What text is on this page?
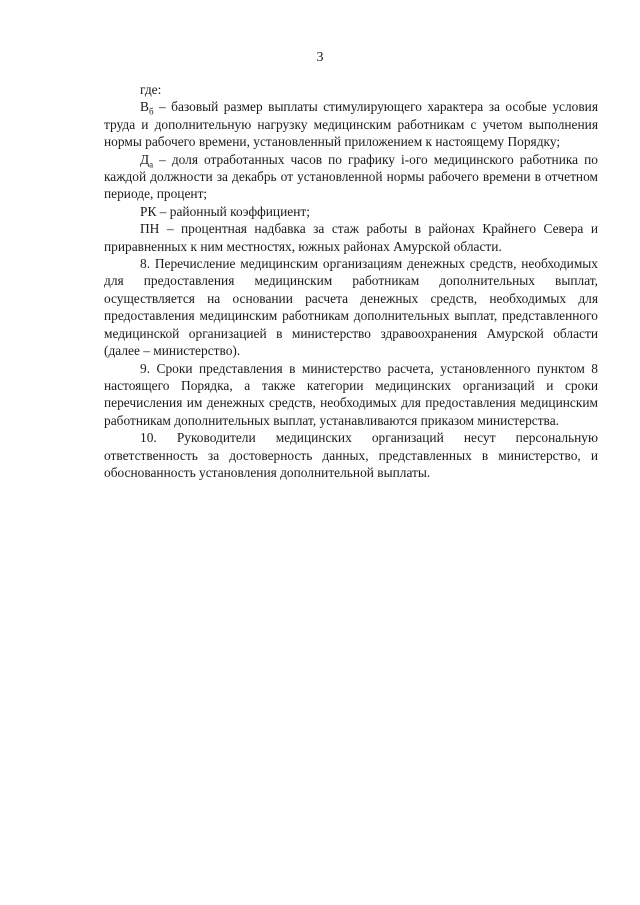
3

где:

$В_б$ – базовый размер выплаты стимулирующего характера за особые условия труда и дополнительную нагрузку медицинским работникам с учетом выполнения нормы рабочего времени, установленный приложением к настоящему Порядку;

$Д_а$ – доля отработанных часов по графику i-ого медицинского работника по каждой должности за декабрь от установленной нормы рабочего времени в отчетном периоде, процент;

РК – районный коэффициент;

ПН – процентная надбавка за стаж работы в районах Крайнего Севера и приравненных к ним местностях, южных районах Амурской области.

8. Перечисление медицинским организациям денежных средств, необходимых для предоставления медицинским работникам дополнительных выплат, осуществляется на основании расчета денежных средств, необходимых для предоставления медицинским работникам дополнительных выплат, представленного медицинской организацией в министерство здравоохранения Амурской области (далее – министерство).

9. Сроки представления в министерство расчета, установленного пунктом 8 настоящего Порядка, а также категории медицинских организаций и сроки перечисления им денежных средств, необходимых для предоставления медицинским работникам дополнительных выплат, устанавливаются приказом министерства.

10. Руководители медицинских организаций несут персональную ответственность за достоверность данных, представленных в министерство, и обоснованность установления дополнительной выплаты.
